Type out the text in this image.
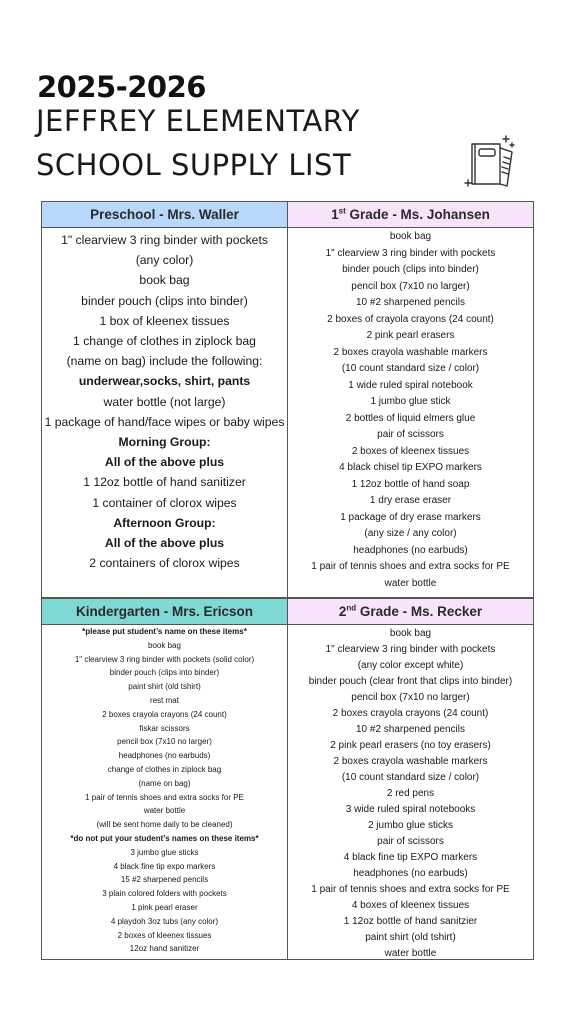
2025-2026
JEFFREY ELEMENTARY
SCHOOL SUPPLY LIST
Preschool - Mrs. Waller
1" clearview 3 ring binder with pockets
(any color)
book bag
binder pouch (clips into binder)
1 box of kleenex tissues
1 change of clothes in ziplock bag
(name on bag) include the following:
underwear,socks, shirt, pants
water bottle (not large)
1 package of hand/face wipes or baby wipes
Morning Group:
All of the above plus
1 12oz bottle of hand sanitizer
1 container of clorox wipes
Afternoon Group:
All of the above plus
2 containers of clorox wipes
1st Grade - Ms. Johansen
book bag
1" clearview 3 ring binder with pockets
binder pouch (clips into binder)
pencil box (7x10 no larger)
10 #2 sharpened pencils
2 boxes of crayola crayons (24 count)
2 pink pearl erasers
2 boxes crayola washable markers
(10 count standard size / color)
1 wide ruled spiral notebook
1 jumbo glue stick
2 bottles of liquid elmers glue
pair of scissors
2 boxes of kleenex tissues
4 black chisel tip EXPO markers
1 12oz bottle of hand soap
1 dry erase eraser
1 package of dry erase markers
(any size / any color)
headphones (no earbuds)
1 pair of tennis shoes and extra socks for PE
water bottle
Kindergarten - Mrs. Ericson
*please put student’s name on these items*
book bag
1" clearview 3 ring binder with pockets (solid color)
binder pouch (clips into binder)
paint shirt (old tshirt)
rest mat
2 boxes crayola crayons (24 count)
fiskar scissors
pencil box (7x10 no larger)
headphones (no earbuds)
change of clothes in ziplock bag
(name on bag)
1 pair of tennis shoes and extra socks for PE
water bottle
(will be sent home daily to be cleaned)
*do not put your student’s names on these items*
3 jumbo glue sticks
4 black fine tip expo markers
15 #2 sharpened pencils
3 plain colored folders with pockets
1 pink pearl eraser
4 playdoh 3oz tubs (any color)
2 boxes of kleenex tissues
12oz hand sanitizer
2nd Grade - Ms. Recker
book bag
1" clearview 3 ring binder with pockets
(any color except white)
binder pouch (clear front that clips into binder)
pencil box (7x10 no larger)
2 boxes crayola crayons (24 count)
10 #2 sharpened pencils
2 pink pearl erasers (no toy erasers)
2 boxes crayola washable markers
(10 count standard size / color)
2 red pens
3 wide ruled spiral notebooks
2 jumbo glue sticks
pair of scissors
4 black fine tip EXPO markers
headphones (no earbuds)
1 pair of tennis shoes and extra socks for PE
4 boxes of kleenex tissues
1 12oz bottle of hand sanitzier
paint shirt (old tshirt)
water bottle
